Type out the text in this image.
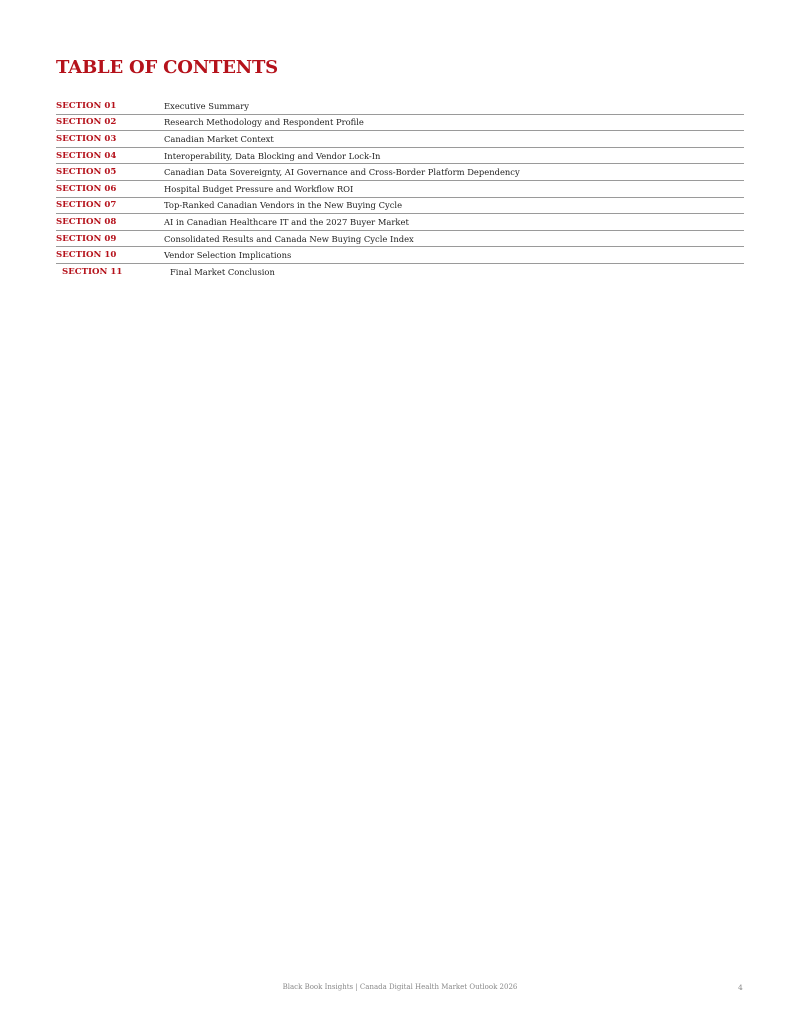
TABLE OF CONTENTS
SECTION 01	Executive Summary
SECTION 02	Research Methodology and Respondent Profile
SECTION 03	Canadian Market Context
SECTION 04	Interoperability, Data Blocking and Vendor Lock-In
SECTION 05	Canadian Data Sovereignty, AI Governance and Cross-Border Platform Dependency
SECTION 06	Hospital Budget Pressure and Workflow ROI
SECTION 07	Top-Ranked Canadian Vendors in the New Buying Cycle
SECTION 08	AI in Canadian Healthcare IT and the 2027 Buyer Market
SECTION 09	Consolidated Results and Canada New Buying Cycle Index
SECTION 10	Vendor Selection Implications
SECTION 11	Final Market Conclusion
Black Book Insights | Canada Digital Health Market Outlook 2026	4
